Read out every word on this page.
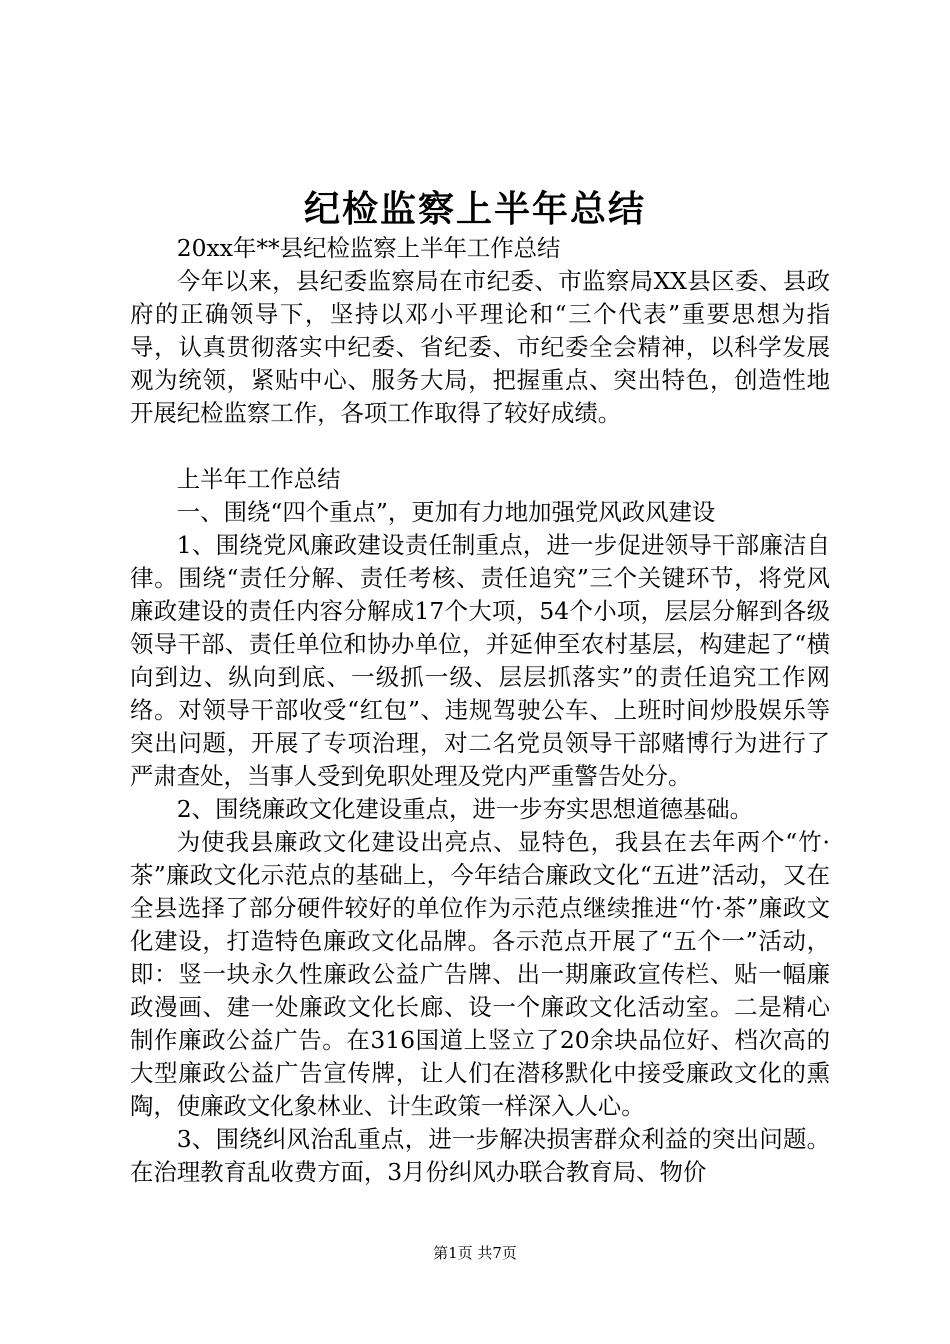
纪检监察上半年总结

20xx年**县纪检监察上半年工作总结

今年以来，县纪委监察局在市纪委、市监察局XX县区委、县政府的正确领导下，坚持以邓小平理论和“三个代表”重要思想为指导，认真贯彻落实中纪委、省纪委、市纪委全会精神，以科学发展观为统领，紧贴中心、服务大局，把握重点、突出特色，创造性地开展纪检监察工作，各项工作取得了较好成绩。

上半年工作总结

一、围绕“四个重点”，更加有力地加强党风政风建设

1、围绕党风廉政建设责任制重点，进一步促进领导干部廉洁自律。围绕“责任分解、责任考核、责任追究”三个关键环节，将党风廉政建设的责任内容分解成17个大项，54个小项，层层分解到各级领导干部、责任单位和协办单位，并延伸至农村基层，构建起了“横向到边、纵向到底、一级抓一级、层层抓落实”的责任追究工作网络。对领导干部收受“红包”、违规驾驶公车、上班时间炒股娱乐等突出问题，开展了专项治理，对二名党员领导干部赌博行为进行了严肃查处，当事人受到免职处理及党内严重警告处分。

2、围绕廉政文化建设重点，进一步夯实思想道德基础。

为使我县廉政文化建设出亮点、显特色，我县在去年两个“竹·茶”廉政文化示范点的基础上，今年结合廉政文化“五进”活动，又在全县选择了部分硬件较好的单位作为示范点继续推进“竹·茶”廉政文化建设，打造特色廉政文化品牌。各示范点开展了“五个一”活动，即：竖一块永久性廉政公益广告牌、出一期廉政宣传栏、贴一幅廉政漫画、建一处廉政文化长廊、设一个廉政文化活动室。二是精心制作廉政公益广告。在316国道上竖立了20余块品位好、档次高的大型廉政公益广告宣传牌，让人们在潜移默化中接受廉政文化的熏陶，使廉政文化象林业、计生政策一样深入人心。

3、围绕纠风治乱重点，进一步解决损害群众利益的突出问题。在治理教育乱收费方面，3月份纠风办联合教育局、物价

第1页 共7页
